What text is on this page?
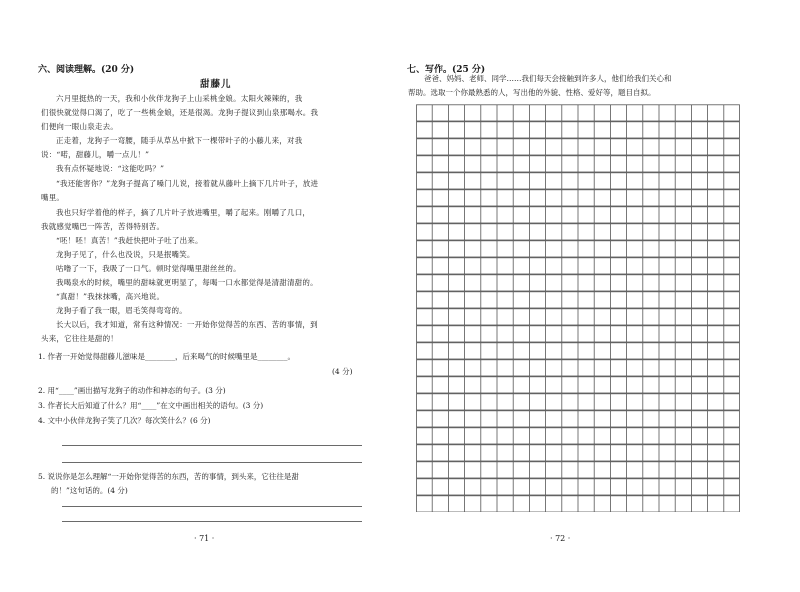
六、阅读理解。(20 分)
甜藤儿
六月里挺热的一天，我和小伙伴龙狗子上山采桃金娘。太阳火辣辣的，我
们很快就觉得口渴了，吃了一些桃金娘，还是很渴。龙狗子提议到山泉那喝水。我
们便向一眼山泉走去。
正走着，龙狗子一弯腰，随手从草丛中掀下一棵带叶子的小藤儿来，对我
说：“喏，甜藤儿，嚼一点儿！”
我有点怀疑地说：“这能吃吗？”
“我还能害你？”龙狗子提高了嗓门儿说，接着就从藤叶上摘下几片叶子，放进
嘴里。
我也只好学着他的样子，摘了几片叶子放进嘴里，嚼了起来。刚嚼了几口，
我就感觉嘴巴一阵苦，苦得特别苦。
“呸！呸！真苦！”我赶快把叶子吐了出来。
龙狗子见了，什么也没说，只是抿嘴笑。
咕噜了一下，我吸了一口气。顿时觉得嘴里甜丝丝的。
我喝泉水的时候，嘴里的甜味就更明显了，每喝一口水都觉得是清甜清甜的。
“真甜！”我抹抹嘴，高兴地说。
龙狗子看了我一眼，眉毛笑得弯弯的。
长大以后，我才知道，常有这种情况：一开始你觉得苦的东西、苦的事情，到
头来，它往往是甜的！
1. 作者一开始觉得甜藤儿滋味是________，后来喝气的时候嘴里是________。
(4 分)
2. 用“____”画出描写龙狗子的动作和神态的句子。(3 分)
3. 作者长大后知道了什么？用“____”在文中画出相关的语句。(3 分)
4. 文中小伙伴龙狗子笑了几次？每次笑什么？(6 分)
5. 说说你是怎么理解“一开始你觉得苦的东西，苦的事情，到头来，它往往是甜
的！”这句话的。(4 分)
· 71 ·
七、写作。(25 分)
爸爸、妈妈、老师、同学……我们每天会接触到许多人，他们给我们关心和
帮助。选取一个你最熟悉的人，写出他的外貌、性格、爱好等，题目自拟。
· 72 ·
